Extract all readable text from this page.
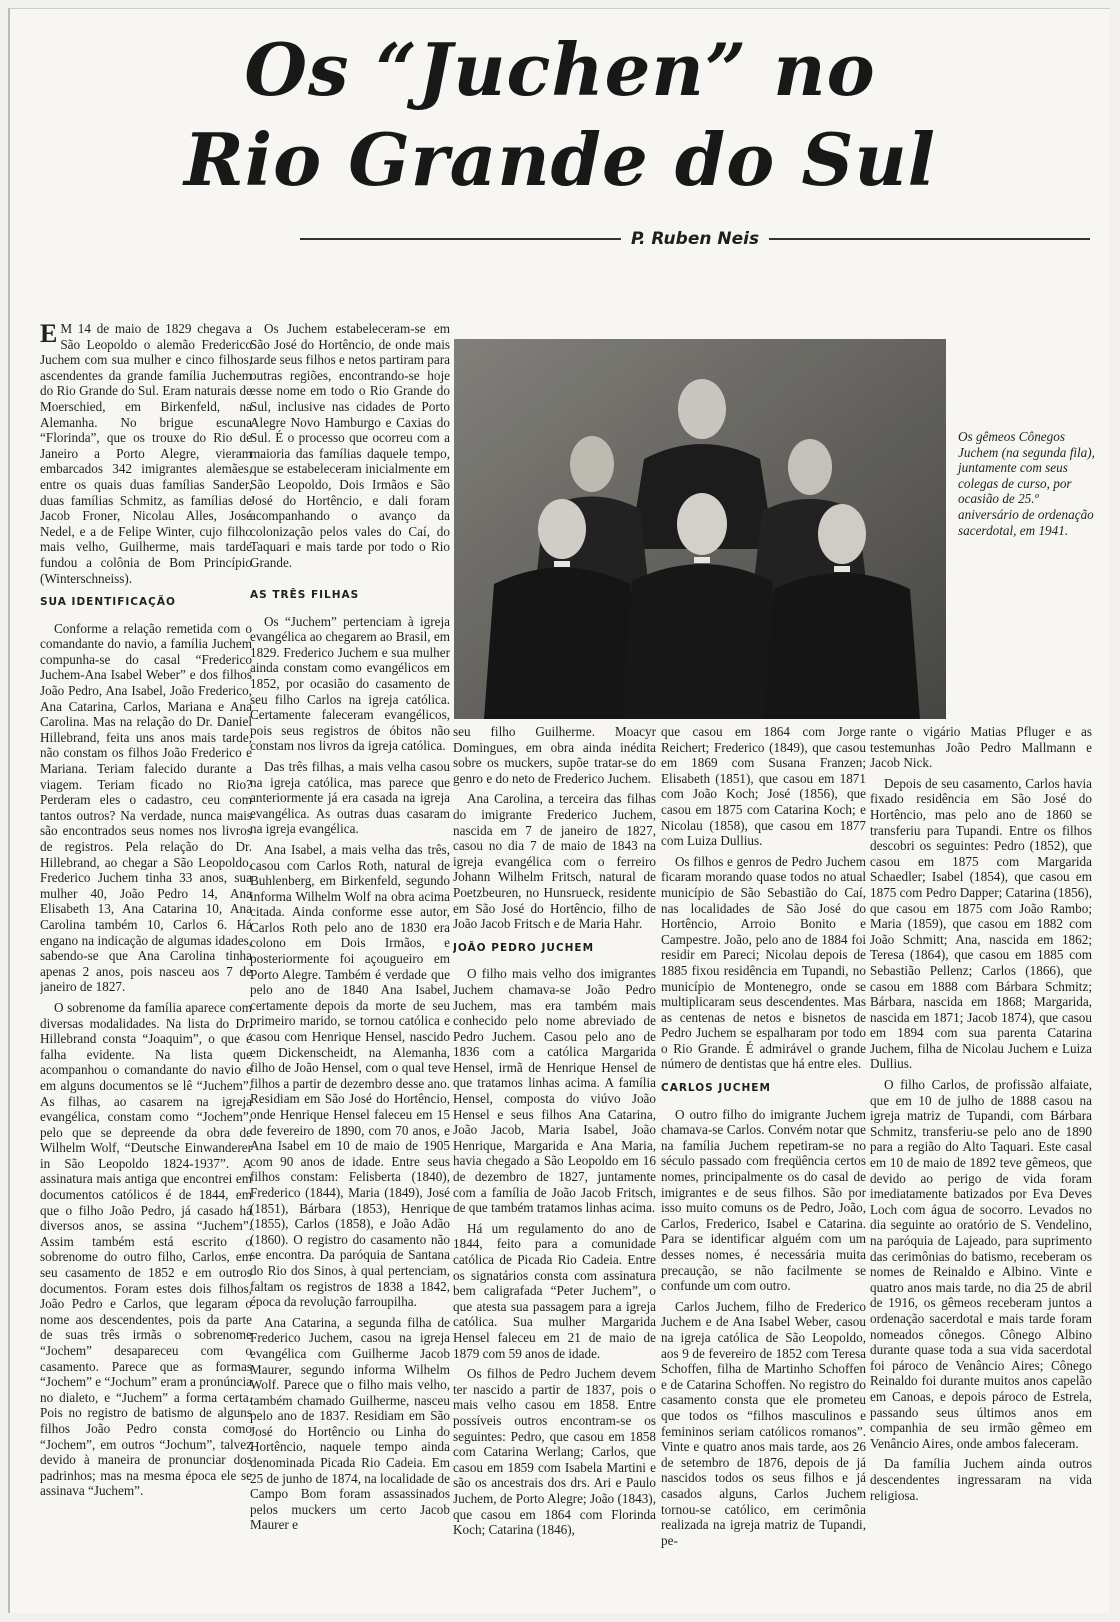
Os “Juchen” no
Rio Grande do Sul
P. Ruben Neis

E M 14 de maio de 1829 chegava a São Leopoldo o alemão Frederico Juchem com sua mulher e cinco filhos, ascendentes da grande família Juchem do Rio Grande do Sul. Eram naturais de Moerschied, em Birkenfeld, na Alemanha. No brigue escuna “Florinda”, que os trouxe do Rio de Janeiro a Porto Alegre, vieram embarcados 342 imigrantes alemães, entre os quais duas famílias Sander, duas famílias Schmitz, as famílias de Jacob Froner, Nicolau Alles, José Nedel, e a de Felipe Winter, cujo filho mais velho, Guilherme, mais tarde fundou a colônia de Bom Princípio (Winterschneiss).

SUA IDENTIFICAÇÃO

Conforme a relação remetida com o comandante do navio, a família Juchem compunha-se do casal “Frederico Juchem-Ana Isabel Weber” e dos filhos João Pedro, Ana Isabel, João Frederico, Ana Catarina, Carlos, Mariana e Ana Carolina. Mas na relação do Dr. Daniel Hillebrand, feita uns anos mais tarde, não constam os filhos João Frederico e Mariana. Teriam falecido durante a viagem. Teriam ficado no Rio? Perderam eles o cadastro, ceu com tantos outros? Na verdade, nunca mais são encontrados seus nomes nos livros de registros. Pela relação do Dr. Hillebrand, ao chegar a São Leopoldo, Frederico Juchem tinha 33 anos, sua mulher 40, João Pedro 14, Ana Elisabeth 13, Ana Catarina 10, Ana Carolina também 10, Carlos 6. Há engano na indicação de algumas idades, sabendo-se que Ana Carolina tinha apenas 2 anos, pois nasceu aos 7 de janeiro de 1827.

O sobrenome da família aparece com diversas modalidades. Na lista do Dr. Hillebrand consta “Joaquim”, o que é falha evidente. Na lista que acompanhou o comandante do navio e em alguns documentos se lê “Juchem”. As filhas, ao casarem na igreja evangélica, constam como “Jochem”, pelo que se depreende da obra de Wilhelm Wolf, “Deutsche Einwanderer in São Leopoldo 1824-1937”. A assinatura mais antiga que encontrei em documentos católicos é de 1844, em que o filho João Pedro, já casado há diversos anos, se assina “Juchem”. Assim também está escrito o sobrenome do outro filho, Carlos, em seu casamento de 1852 e em outros documentos. Foram estes dois filhos, João Pedro e Carlos, que legaram o nome aos descendentes, pois da parte de suas três irmãs o sobrenome “Jochem” desapareceu com o casamento. Parece que as formas “Jochem” e “Jochum” eram a pronúncia no dialeto, e “Juchem” a forma certa. Pois no registro de batismo de alguns filhos João Pedro consta como “Jochem”, em outros “Jochum”, talvez devido à maneira de pronunciar dos padrinhos; mas na mesma época ele se assinava “Juchem”.

Os Juchem estabeleceram-se em São José do Hortêncio, de onde mais tarde seus filhos e netos partiram para outras regiões, encontrando-se hoje esse nome em todo o Rio Grande do Sul, inclusive nas cidades de Porto Alegre Novo Hamburgo e Caxias do Sul. É o processo que ocorreu com a maioria das famílias daquele tempo, que se estabeleceram inicialmente em São Leopoldo, Dois Irmãos e São José do Hortêncio, e dali foram acompanhando o avanço da colonização pelos vales do Caí, do Taquari e mais tarde por todo o Rio Grande.

AS TRÊS FILHAS

Os “Juchem” pertenciam à igreja evangélica ao chegarem ao Brasil, em 1829. Frederico Juchem e sua mulher ainda constam como evangélicos em 1852, por ocasião do casamento de seu filho Carlos na igreja católica. Certamente faleceram evangélicos, pois seus registros de óbitos não constam nos livros da igreja católica.

Das três filhas, a mais velha casou na igreja católica, mas parece que anteriormente já era casada na igreja evangélica. As outras duas casaram na igreja evangélica.

Ana Isabel, a mais velha das três, casou com Carlos Roth, natural de Buhlenberg, em Birkenfeld, segundo informa Wilhelm Wolf na obra acima citada. Ainda conforme esse autor, Carlos Roth pelo ano de 1830 era colono em Dois Irmãos, e posteriormente foi açougueiro em Porto Alegre. Também é verdade que pelo ano de 1840 Ana Isabel, certamente depois da morte de seu primeiro marido, se tornou católica e casou com Henrique Hensel, nascido em Dickenscheidt, na Alemanha, filho de João Hensel, com o qual teve filhos a partir de dezembro desse ano. Residiam em São José do Hortêncio, onde Henrique Hensel faleceu em 15 de fevereiro de 1890, com 70 anos, e Ana Isabel em 10 de maio de 1905 com 90 anos de idade. Entre seus filhos constam: Felisberta (1840), Frederico (1844), Maria (1849), José (1851), Bárbara (1853), Henrique (1855), Carlos (1858), e João Adão (1860). O registro do casamento não se encontra. Da paróquia de Santana do Rio dos Sinos, à qual pertenciam, faltam os registros de 1838 a 1842, época da revolução farroupilha.

Ana Catarina, a segunda filha de Frederico Juchem, casou na igreja evangélica com Guilherme Jacob Maurer, segundo informa Wilhelm Wolf. Parece que o filho mais velho, também chamado Guilherme, nasceu pelo ano de 1837. Residiam em São José do Hortêncio ou Linha do Hortêncio, naquele tempo ainda denominada Picada Rio Cadeia. Em 25 de junho de 1874, na localidade de Campo Bom foram assassinados pelos muckers um certo Jacob Maurer e

Os gêmeos Cônegos Juchem (na segunda fila), juntamente com seus colegas de curso, por ocasião de 25.º aniversário de ordenação sacerdotal, em 1941.

seu filho Guilherme. Moacyr Domingues, em obra ainda inédita sobre os muckers, supõe tratar-se do genro e do neto de Frederico Juchem.

Ana Carolina, a terceira das filhas do imigrante Frederico Juchem, nascida em 7 de janeiro de 1827, casou no dia 7 de maio de 1843 na igreja evangélica com o ferreiro Johann Wilhelm Fritsch, natural de Poetzbeuren, no Hunsrueck, residente em São José do Hortêncio, filho de João Jacob Fritsch e de Maria Hahr.

JOÃO PEDRO JUCHEM

O filho mais velho dos imigrantes Juchem chamava-se João Pedro Juchem, mas era também mais conhecido pelo nome abreviado de Pedro Juchem. Casou pelo ano de 1836 com a católica Margarida Hensel, irmã de Henrique Hensel de que tratamos linhas acima. A família Hensel, composta do viúvo João Hensel e seus filhos Ana Catarina, João Jacob, Maria Isabel, João Henrique, Margarida e Ana Maria, havia chegado a São Leopoldo em 16 de dezembro de 1827, juntamente com a família de João Jacob Fritsch, de que também tratamos linhas acima.

Há um regulamento do ano de 1844, feito para a comunidade católica de Picada Rio Cadeia. Entre os signatários consta com assinatura bem caligrafada “Peter Juchem”, o que atesta sua passagem para a igreja católica. Sua mulher Margarida Hensel faleceu em 21 de maio de 1879 com 59 anos de idade.

Os filhos de Pedro Juchem devem ter nascido a partir de 1837, pois o mais velho casou em 1858. Entre possíveis outros encontram-se os seguintes: Pedro, que casou em 1858 com Catarina Werlang; Carlos, que casou em 1859 com Isabela Martini e são os ancestrais dos drs. Ari e Paulo Juchem, de Porto Alegre; João (1843), que casou em 1864 com Florinda Koch; Catarina (1846),

que casou em 1864 com Jorge Reichert; Frederico (1849), que casou em 1869 com Susana Franzen; Elisabeth (1851), que casou em 1871 com João Koch; José (1856), que casou em 1875 com Catarina Koch; e Nicolau (1858), que casou em 1877 com Luiza Dullius.

Os filhos e genros de Pedro Juchem ficaram morando quase todos no atual município de São Sebastião do Caí, nas localidades de São José do Hortêncio, Arroio Bonito e Campestre. João, pelo ano de 1884 foi residir em Pareci; Nicolau depois de 1885 fixou residência em Tupandi, no município de Montenegro, onde se multiplicaram seus descendentes. Mas as centenas de netos e bisnetos de Pedro Juchem se espalharam por todo o Rio Grande. É admirável o grande número de dentistas que há entre eles.

CARLOS JUCHEM

O outro filho do imigrante Juchem chamava-se Carlos. Convém notar que na família Juchem repetiram-se no século passado com freqüência certos nomes, principalmente os do casal de imigrantes e de seus filhos. São por isso muito comuns os de Pedro, João, Carlos, Frederico, Isabel e Catarina. Para se identificar alguém com um desses nomes, é necessária muita precaução, se não facilmente se confunde um com outro.

Carlos Juchem, filho de Frederico Juchem e de Ana Isabel Weber, casou na igreja católica de São Leopoldo, aos 9 de fevereiro de 1852 com Teresa Schoffen, filha de Martinho Schoffen e de Catarina Schoffen. No registro do casamento consta que ele prometeu que todos os “filhos masculinos e femininos seriam católicos romanos”. Vinte e quatro anos mais tarde, aos 26 de setembro de 1876, depois de já nascidos todos os seus filhos e já casados alguns, Carlos Juchem tornou-se católico, em cerimônia realizada na igreja matriz de Tupandi, pe-

rante o vigário Matias Pfluger e as testemunhas João Pedro Mallmann e Jacob Nick.

Depois de seu casamento, Carlos havia fixado residência em São José do Hortêncio, mas pelo ano de 1860 se transferiu para Tupandi. Entre os filhos descobri os seguintes: Pedro (1852), que casou em 1875 com Margarida Schaedler; Isabel (1854), que casou em 1875 com Pedro Dapper; Catarina (1856), que casou em 1875 com João Rambo; Maria (1859), que casou em 1882 com João Schmitt; Ana, nascida em 1862; Teresa (1864), que casou em 1885 com Sebastião Pellenz; Carlos (1866), que casou em 1888 com Bárbara Schmitz; Bárbara, nascida em 1868; Margarida, nascida em 1871; Jacob 1874), que casou em 1894 com sua parenta Catarina Juchem, filha de Nicolau Juchem e Luiza Dullius.

O filho Carlos, de profissão alfaiate, que em 10 de julho de 1888 casou na igreja matriz de Tupandi, com Bárbara Schmitz, transferiu-se pelo ano de 1890 para a região do Alto Taquari. Este casal em 10 de maio de 1892 teve gêmeos, que devido ao perigo de vida foram imediatamente batizados por Eva Deves Loch com água de socorro. Levados no dia seguinte ao oratório de S. Vendelino, na paróquia de Lajeado, para suprimento das cerimônias do batismo, receberam os nomes de Reinaldo e Albino. Vinte e quatro anos mais tarde, no dia 25 de abril de 1916, os gêmeos receberam juntos a ordenação sacerdotal e mais tarde foram nomeados cônegos. Cônego Albino durante quase toda a sua vida sacerdotal foi pároco de Venâncio Aires; Cônego Reinaldo foi durante muitos anos capelão em Canoas, e depois pároco de Estrela, passando seus últimos anos em companhia de seu irmão gêmeo em Venâncio Aires, onde ambos faleceram.

Da família Juchem ainda outros descendentes ingressaram na vida religiosa.
